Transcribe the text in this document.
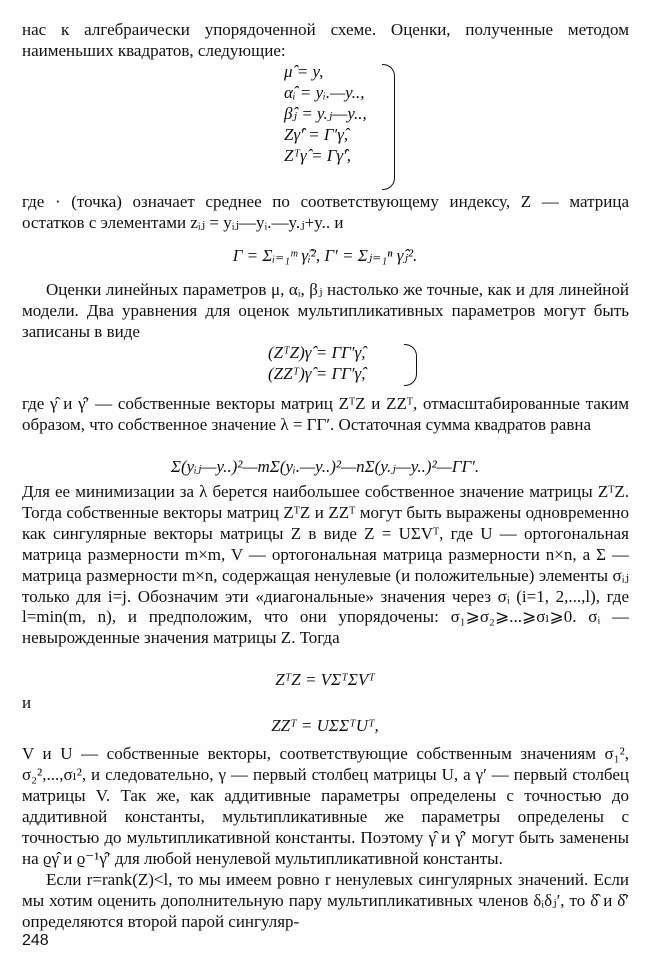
нас к алгебраически упорядоченной схеме. Оценки, полученные методом наименьших квадратов, следующие:

μ̂ = y,
α̂ᵢ = yᵢ.—y..,
β̂ⱼ = y.ⱼ—y..,
Zγ̂′ = Γ′γ̂,
Zᵀγ̂ = Γγ̂′,

где · (точка) означает среднее по соответствующему индексу, Z — матрица остатков с элементами zᵢⱼ = yᵢⱼ—yᵢ.—y.ⱼ+y.. и

Γ = Σᵢ₌₁ᵐ γ̂ᵢ², Γ′ = Σⱼ₌₁ⁿ γ̂ⱼ².

Оценки линейных параметров μ, αᵢ, βⱼ настолько же точные, как и для линейной модели. Два уравнения для оценок мультипликативных параметров могут быть записаны в виде

(ZᵀZ)γ̂ = ΓΓ′γ̂,
(ZZᵀ)γ̂ = ΓΓ′γ̂,

где γ̂ и γ̂′ — собственные векторы матриц ZᵀZ и ZZᵀ, отмасштабированные таким образом, что собственное значение λ = ΓΓ′. Остаточная сумма квадратов равна

Σ(yᵢⱼ—y..)²—mΣ(yᵢ.—y..)²—nΣ(y.ⱼ—y..)²—ΓΓ′.

Для ее минимизации за λ берется наибольшее собственное значение матрицы ZᵀZ. Тогда собственные векторы матриц ZᵀZ и ZZᵀ могут быть выражены одновременно как сингулярные векторы матрицы Z в виде Z = UΣVᵀ, где U — ортогональная матрица размерности m×m, V — ортогональная матрица размерности n×n, а Σ — матрица размерности m×n, содержащая ненулевые (и положительные) элементы σᵢⱼ только для i=j. Обозначим эти «диагональные» значения через σᵢ (i=1, 2,...,l), где l=min(m, n), и предположим, что они упорядочены: σ₁⩾σ₂⩾...⩾σₗ⩾0. σᵢ — невырожденные значения матрицы Z. Тогда

ZᵀZ = VΣᵀΣVᵀ

и

ZZᵀ = UΣΣᵀUᵀ,

V и U — собственные векторы, соответствующие собственным значениям σ₁², σ₂²,...,σₗ², и следовательно, γ — первый столбец матрицы U, а γ′ — первый столбец матрицы V. Так же, как аддитивные параметры определены с точностью до аддитивной константы, мультипликативные же параметры определены с точностью до мультипликативной константы. Поэтому γ̂ и γ̂′ могут быть заменены на ϱγ̂ и ϱ⁻¹γ̂′ для любой ненулевой мультипликативной константы.

Если r=rank(Z)<l, то мы имеем ровно r ненулевых сингулярных значений. Если мы хотим оценить дополнительную пару мультипликативных членов δᵢδⱼ′, то δ̂ и δ̂′ определяются второй парой сингуляр-

248
